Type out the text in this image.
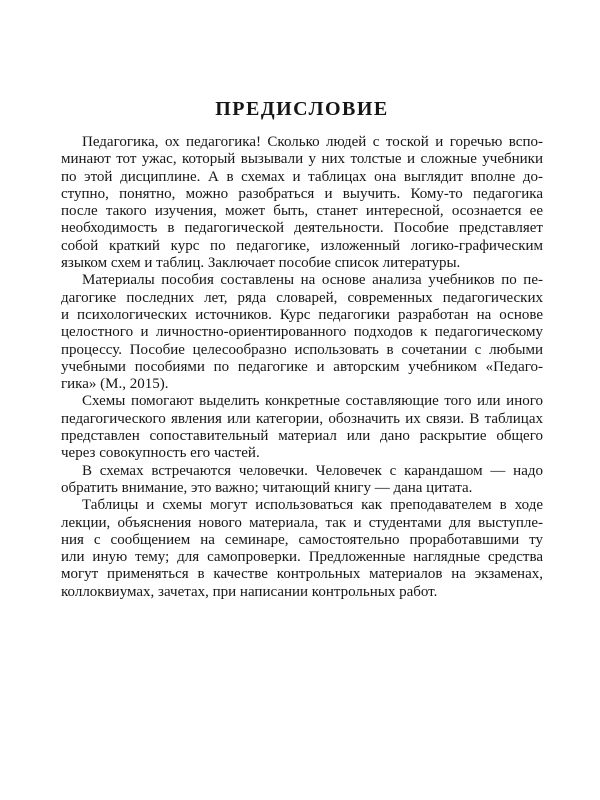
ПРЕДИСЛОВИЕ
Педагогика, ох педагогика! Сколько людей с тоской и горечью вспо-
минают тот ужас, который вызывали у них толстые и сложные учебники
по этой дисциплине. А в схемах и таблицах она выглядит вполне до-
ступно, понятно, можно разобраться и выучить. Кому-то педагогика
после такого изучения, может быть, станет интересной, осознается ее
необходимость в педагогической деятельности. Пособие представляет
собой краткий курс по педагогике, изложенный логико-графическим
языком схем и таблиц. Заключает пособие список литературы.
Материалы пособия составлены на основе анализа учебников по пе-
дагогике последних лет, ряда словарей, современных педагогических
и психологических источников. Курс педагогики разработан на основе
целостного и личностно-ориентированного подходов к педагогическому
процессу. Пособие целесообразно использовать в сочетании с любыми
учебными пособиями по педагогике и авторским учебником «Педаго-
гика» (М., 2015).
Схемы помогают выделить конкретные составляющие того или иного
педагогического явления или категории, обозначить их связи. В таблицах
представлен сопоставительный материал или дано раскрытие общего
через совокупность его частей.
В схемах встречаются человечки. Человечек с карандашом — надо
обратить внимание, это важно; читающий книгу — дана цитата.
Таблицы и схемы могут использоваться как преподавателем в ходе
лекции, объяснения нового материала, так и студентами для выступле-
ния с сообщением на семинаре, самостоятельно проработавшими ту
или иную тему; для самопроверки. Предложенные наглядные средства
могут применяться в качестве контрольных материалов на экзаменах,
коллоквиумах, зачетах, при написании контрольных работ.
